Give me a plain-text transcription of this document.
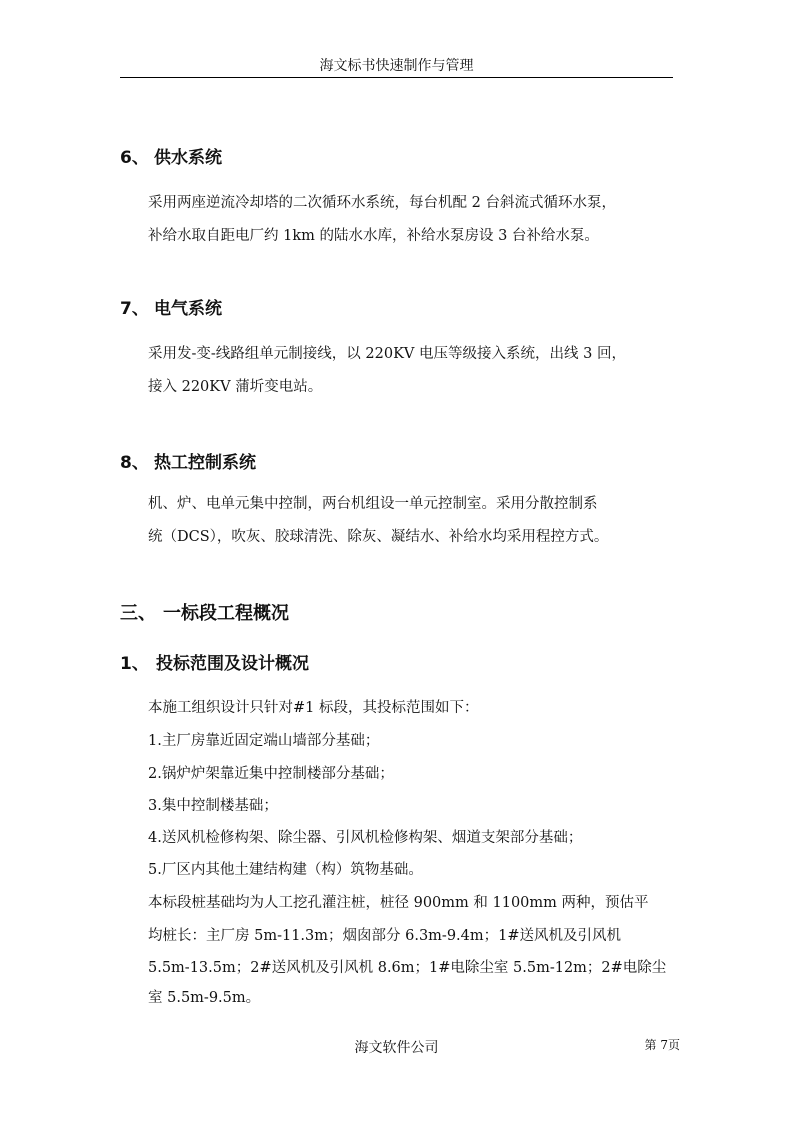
海文标书快速制作与管理
6、 供水系统
采用两座逆流冷却塔的二次循环水系统，每台机配 2 台斜流式循环水泵，
补给水取自距电厂约 1km 的陆水水库，补给水泵房设 3 台补给水泵。
7、 电气系统
采用发-变-线路组单元制接线，以 220KV 电压等级接入系统，出线 3 回，
接入 220KV 蒲圻变电站。
8、 热工控制系统
机、炉、电单元集中控制，两台机组设一单元控制室。采用分散控制系
统（DCS），吹灰、胶球清洗、除灰、凝结水、补给水均采用程控方式。
三、 一标段工程概况
1、 投标范围及设计概况
本施工组织设计只针对#1 标段，其投标范围如下：
1.主厂房靠近固定端山墙部分基础；
2.锅炉炉架靠近集中控制楼部分基础；
3.集中控制楼基础；
4.送风机检修构架、除尘器、引风机检修构架、烟道支架部分基础；
5.厂区内其他土建结构建（构）筑物基础。
本标段桩基础均为人工挖孔灌注桩，桩径 900mm 和 1100mm 两种，预估平
均桩长：主厂房 5m-11.3m；烟囱部分 6.3m-9.4m；1#送风机及引风机
5.5m-13.5m；2#送风机及引风机 8.6m；1#电除尘室 5.5m-12m；2#电除尘
室 5.5m-9.5m。
海文软件公司	第 7页
